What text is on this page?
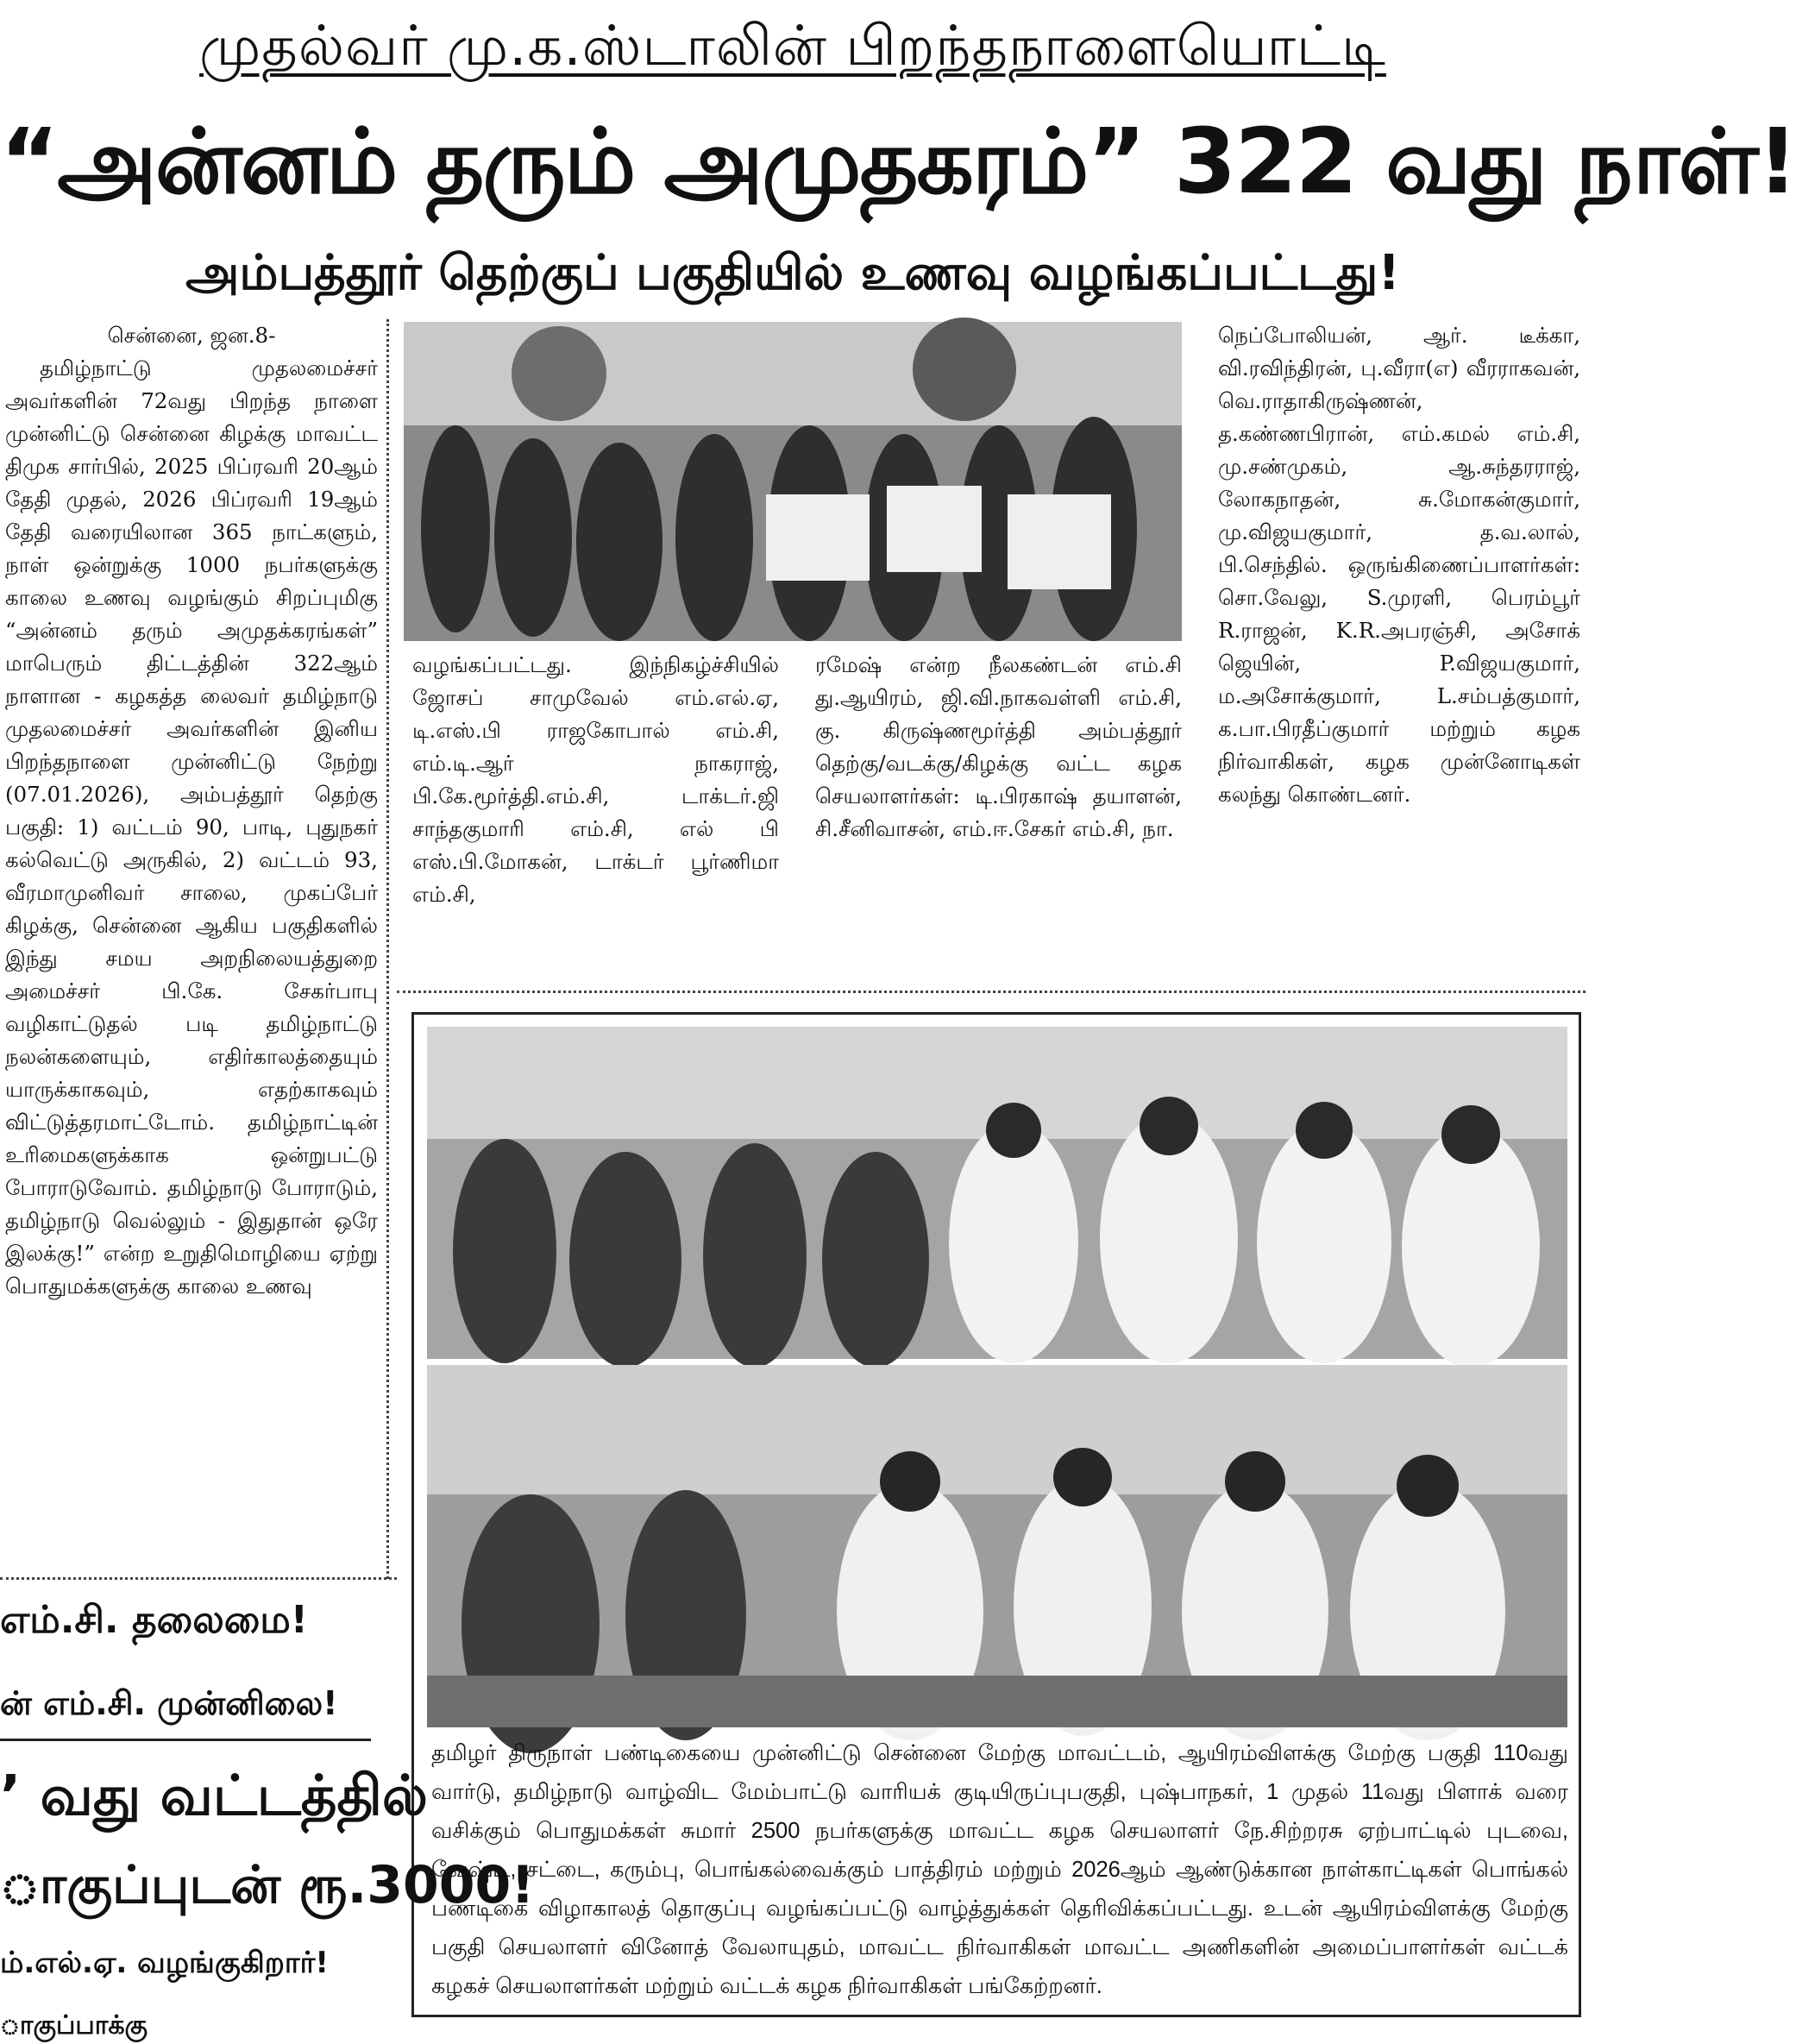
முதல்வர் மு.க.ஸ்டாலின் பிறந்தநாளையொட்டி
“அன்னம் தரும் அமுதகரம்” 322 வது நாள்!
அம்பத்தூர் தெற்குப் பகுதியில் உணவு வழங்கப்பட்டது!

சென்னை, ஜன.8-

தமிழ்நாட்டு முதலமைச்சர் அவர்களின் 72வது பிறந்த நாளை முன்னிட்டு சென்னை கிழக்கு மாவட்ட திமுக சார்பில், 2025 பிப்ரவரி 20ஆம் தேதி முதல், 2026 பிப்ரவரி 19ஆம் தேதி வரையிலான 365 நாட்களும், நாள் ஒன்றுக்கு 1000 நபர்களுக்கு காலை உணவு வழங்கும் சிறப்புமிகு “அன்னம் தரும் அமுதக்கரங்கள்” மாபெரும் திட்டத்தின் 322ஆம் நாளான - கழகத்த லைவர் தமிழ்நாடு முதலமைச்சர் அவர்களின் இனிய பிறந்தநாளை முன்னிட்டு நேற்று (07.01.2026), அம்பத்தூர் தெற்கு பகுதி: 1) வட்டம் 90, பாடி, புதுநகர் கல்வெட்டு அருகில், 2) வட்டம் 93, வீரமாமுனிவர் சாலை, முகப்பேர் கிழக்கு, சென்னை ஆகிய பகுதிகளில் இந்து சமய அறநிலையத்துறை அமைச்சர் பி.கே. சேகர்பாபு வழிகாட்டுதல் படி தமிழ்நாட்டு நலன்களையும், எதிர்காலத்தையும் யாருக்காகவும், எதற்காகவும் விட்டுத்தரமாட்டோம். தமிழ்நாட்டின் உரிமைகளுக்காக ஒன்றுபட்டு போராடுவோம். தமிழ்நாடு போராடும், தமிழ்நாடு வெல்லும் - இதுதான் ஒரே இலக்கு!” என்ற உறுதிமொழியை ஏற்று பொதுமக்களுக்கு காலை உணவு

வழங்கப்பட்டது. இந்நிகழ்ச்சியில் ஜோசப் சாமுவேல் எம்.எல்.ஏ, டி.எஸ்.பி ராஜகோபால் எம்.சி, எம்.டி.ஆர் நாகராஜ், பி.கே.மூர்த்தி.எம்.சி, டாக்டர்.ஜி சாந்தகுமாரி எம்.சி, எல் பி எஸ்.பி.மோகன், டாக்டர் பூர்ணிமா எம்.சி,

ரமேஷ் என்ற நீலகண்டன் எம்.சி து.ஆயிரம், ஜி.வி.நாகவள்ளி எம்.சி, கு. கிருஷ்ணமூர்த்தி அம்பத்தூர் தெற்கு/வடக்கு/கிழக்கு வட்ட கழக செயலாளர்கள்: டி.பிரகாஷ் தயாளன், சி.சீனிவாசன், எம்.ஈ.சேகர் எம்.சி, நா.

நெப்போலியன், ஆர். டீக்கா, வி.ரவிந்திரன், பு.வீரா(எ) வீரராகவன், வெ.ராதாகிருஷ்ணன், த.கண்ணபிரான், எம்.கமல் எம்.சி, மு.சண்முகம், ஆ.சுந்தரராஜ், லோகநாதன், சு.மோகன்குமார், மு.விஜயகுமார், த.வ.லால், பி.செந்தில். ஒருங்கிணைப்பாளர்கள்: சொ.வேலு, S.முரளி, பெரம்பூர் R.ராஜன், K.R.அபரஞ்சி, அசோக் ஜெயின், P.விஜயகுமார், ம.அசோக்குமார், L.சம்பத்குமார், க.பா.பிரதீப்குமார் மற்றும் கழக நிர்வாகிகள், கழக முன்னோடிகள் கலந்து கொண்டனர்.

தமிழர் திருநாள் பண்டிகையை முன்னிட்டு சென்னை மேற்கு மாவட்டம், ஆயிரம்விளக்கு மேற்கு பகுதி 110வது வார்டு, தமிழ்நாடு வாழ்விட மேம்பாட்டு வாரியக் குடியிருப்புபகுதி, புஷ்பாநகர், 1 முதல் 11வது பிளாக் வரை வசிக்கும் பொதுமக்கள் சுமார் 2500 நபர்களுக்கு மாவட்ட கழக செயலாளர் நே.சிற்றரசு ஏற்பாட்டில் புடவை, வேஷ்டி, சட்டை, கரும்பு, பொங்கல்வைக்கும் பாத்திரம் மற்றும் 2026ஆம் ஆண்டுக்கான நாள்காட்டிகள் பொங்கல் பண்டிகை விழாகாலத் தொகுப்பு வழங்கப்பட்டு வாழ்த்துக்கள் தெரிவிக்கப்பட்டது. உடன் ஆயிரம்விளக்கு மேற்கு பகுதி செயலாளர் வினோத் வேலாயுதம், மாவட்ட நிர்வாகிகள் மாவட்ட அணிகளின் அமைப்பாளர்கள் வட்டக் கழகச் செயலாளர்கள் மற்றும் வட்டக் கழக நிர்வாகிகள் பங்கேற்றனர்.
எம்.சி. தலைமை!
ன் எம்.சி. முன்னிலை!
’ வது வட்டத்தில்
ாகுப்புடன் ரூ.3000!
ம்.எல்.ஏ. வழங்குகிறார்!
ாகுப்பாக்கு
